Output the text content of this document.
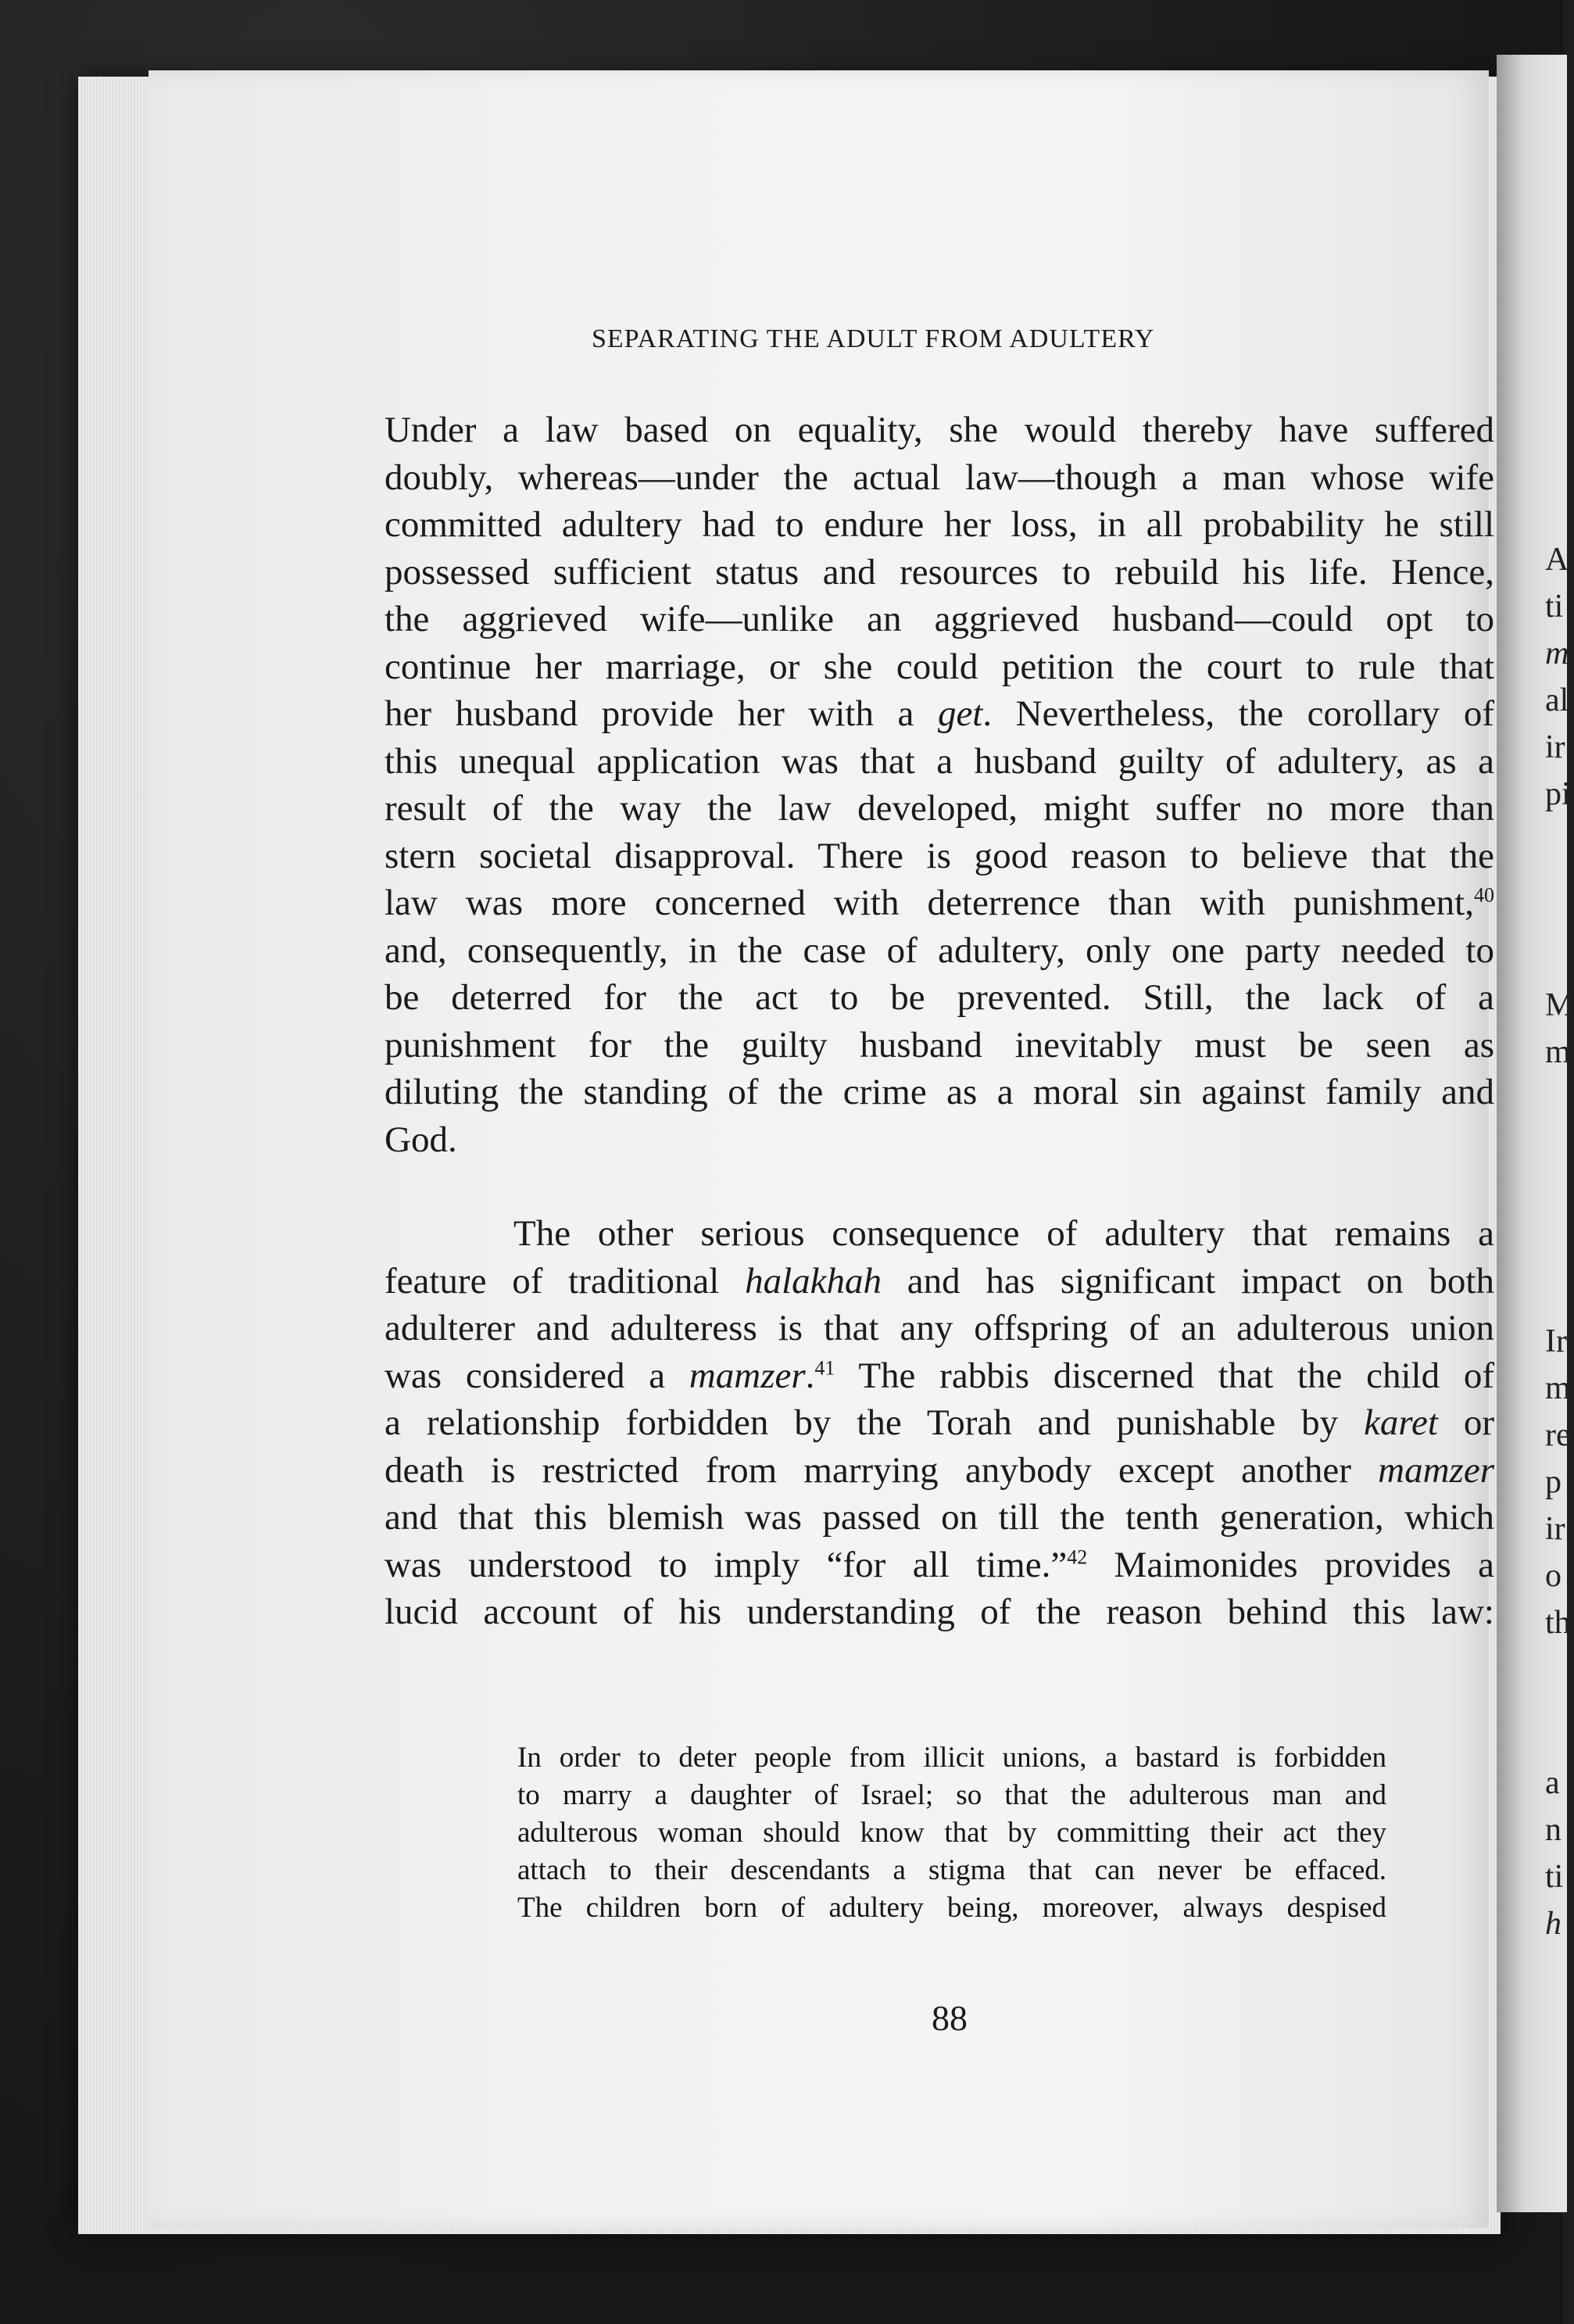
A
ti
m
al
ir
pi
M
m
Ir
m
re
p
ir
o
th
a
n
ti
h
SEPARATING THE ADULT FROM ADULTERY
Under a law based on equality, she would thereby have suffered
doubly, whereas—under the actual law—though a man whose wife
committed adultery had to endure her loss, in all probability he still
possessed sufficient status and resources to rebuild his life. Hence,
the aggrieved wife—unlike an aggrieved husband—could opt to
continue her marriage, or she could petition the court to rule that
her husband provide her with a get. Nevertheless, the corollary of
this unequal application was that a husband guilty of adultery, as a
result of the way the law developed, might suffer no more than
stern societal disapproval. There is good reason to believe that the
law was more concerned with deterrence than with punishment,$^{40}$
and, consequently, in the case of adultery, only one party needed to
be deterred for the act to be prevented. Still, the lack of a
punishment for the guilty husband inevitably must be seen as
diluting the standing of the crime as a moral sin against family and
God.
The other serious consequence of adultery that remains a
feature of traditional halakhah and has significant impact on both
adulterer and adulteress is that any offspring of an adulterous union
was considered a mamzer.$^{41}$ The rabbis discerned that the child of
a relationship forbidden by the Torah and punishable by karet or
death is restricted from marrying anybody except another mamzer
and that this blemish was passed on till the tenth generation, which
was understood to imply “for all time.”$^{42}$ Maimonides provides a
lucid account of his understanding of the reason behind this law:
In order to deter people from illicit unions, a bastard is forbidden
to marry a daughter of Israel; so that the adulterous man and
adulterous woman should know that by committing their act they
attach to their descendants a stigma that can never be effaced.
The children born of adultery being, moreover, always despised
88
